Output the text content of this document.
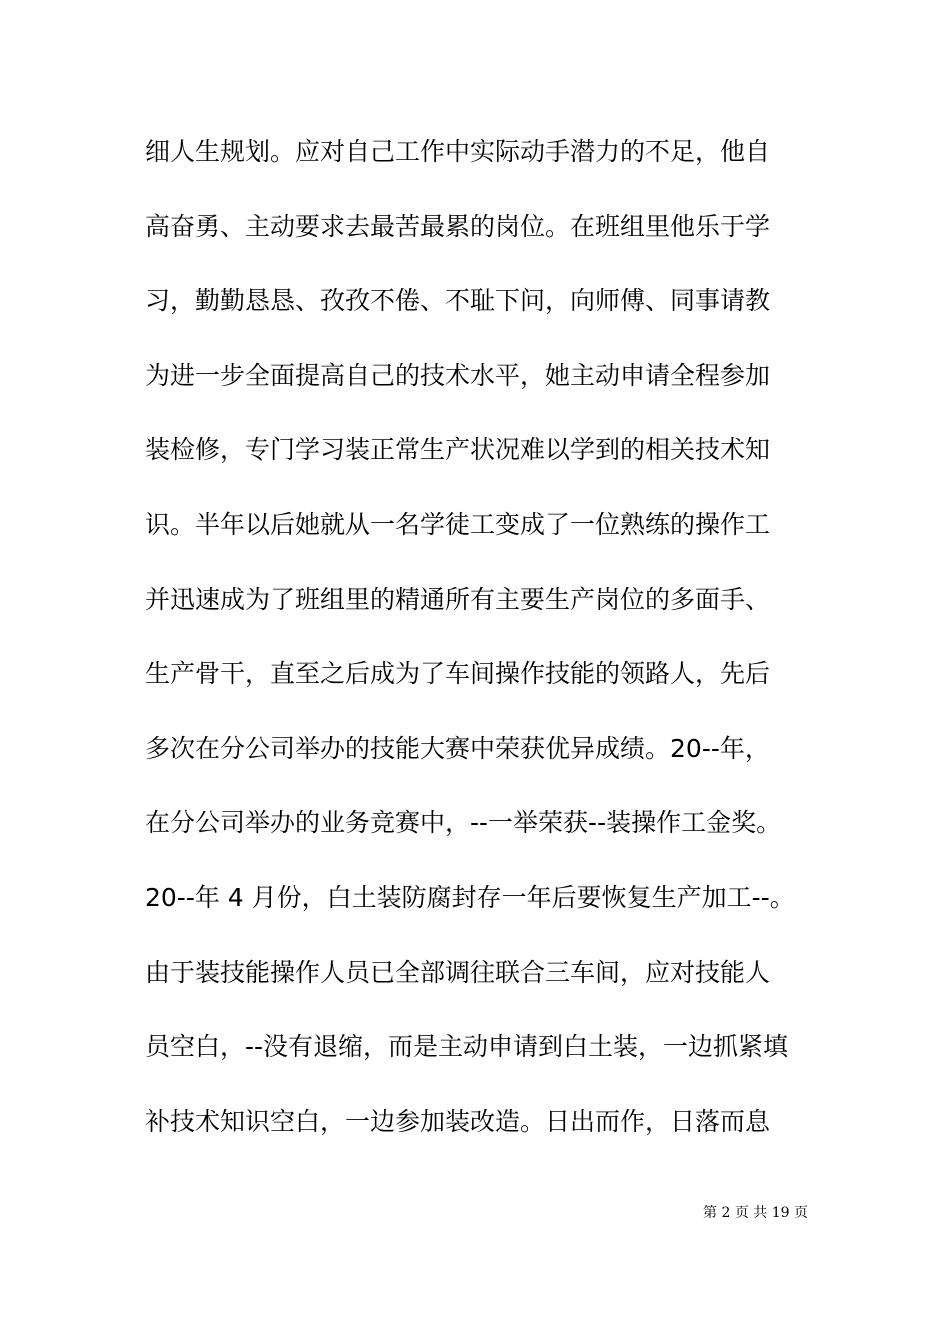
细人生规划。应对自己工作中实际动手潜力的不足，他自
高奋勇、主动要求去最苦最累的岗位。在班组里他乐于学
习，勤勤恳恳、孜孜不倦、不耻下问，向师傅、同事请教
为进一步全面提高自己的技术水平，她主动申请全程参加
装检修，专门学习装正常生产状况难以学到的相关技术知
识。半年以后她就从一名学徒工变成了一位熟练的操作工
并迅速成为了班组里的精通所有主要生产岗位的多面手、
生产骨干，直至之后成为了车间操作技能的领路人，先后
多次在分公司举办的技能大赛中荣获优异成绩。20--年，
在分公司举办的业务竞赛中，--一举荣获--装操作工金奖。
20--年 4 月份，白土装防腐封存一年后要恢复生产加工--。
由于装技能操作人员已全部调往联合三车间，应对技能人
员空白，--没有退缩，而是主动申请到白土装，一边抓紧填
补技术知识空白，一边参加装改造。日出而作，日落而息
第 2 页 共 19 页
